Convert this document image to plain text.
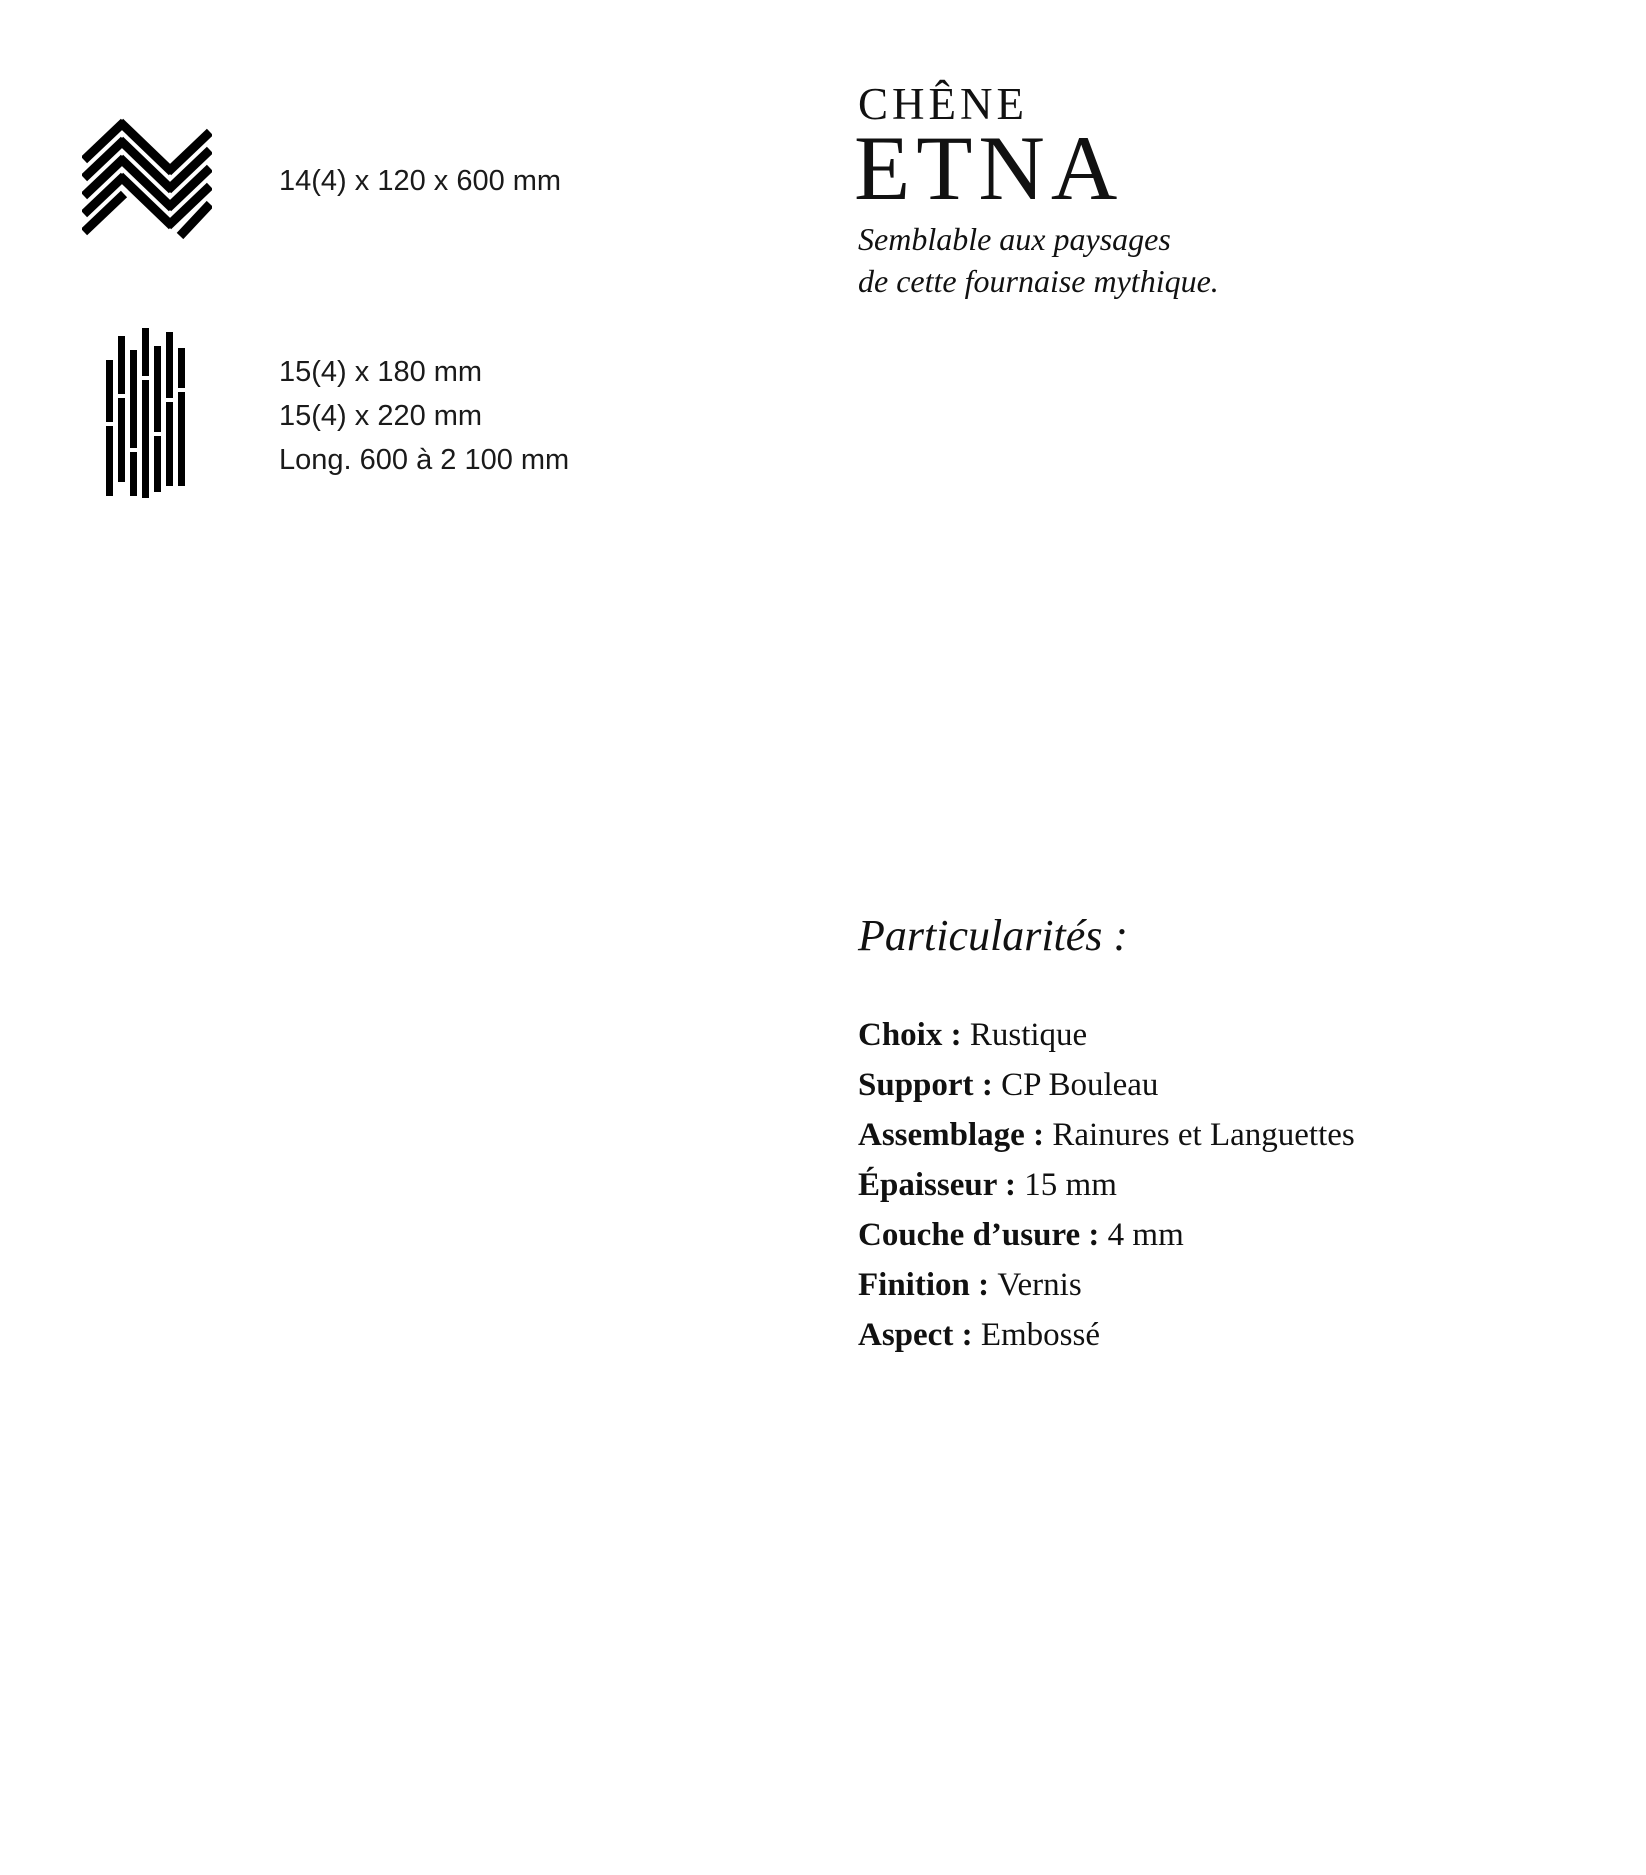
14(4) x 120 x 600 mm
15(4) x 180 mm
15(4) x 220 mm
Long. 600 à 2 100 mm
CHÊNE
ETNA
Semblable aux paysages
de cette fournaise mythique.
Particularités :
Choix : Rustique
Support : CP Bouleau
Assemblage : Rainures et Languettes
Épaisseur : 15 mm
Couche d’usure : 4 mm
Finition : Vernis
Aspect : Embossé
